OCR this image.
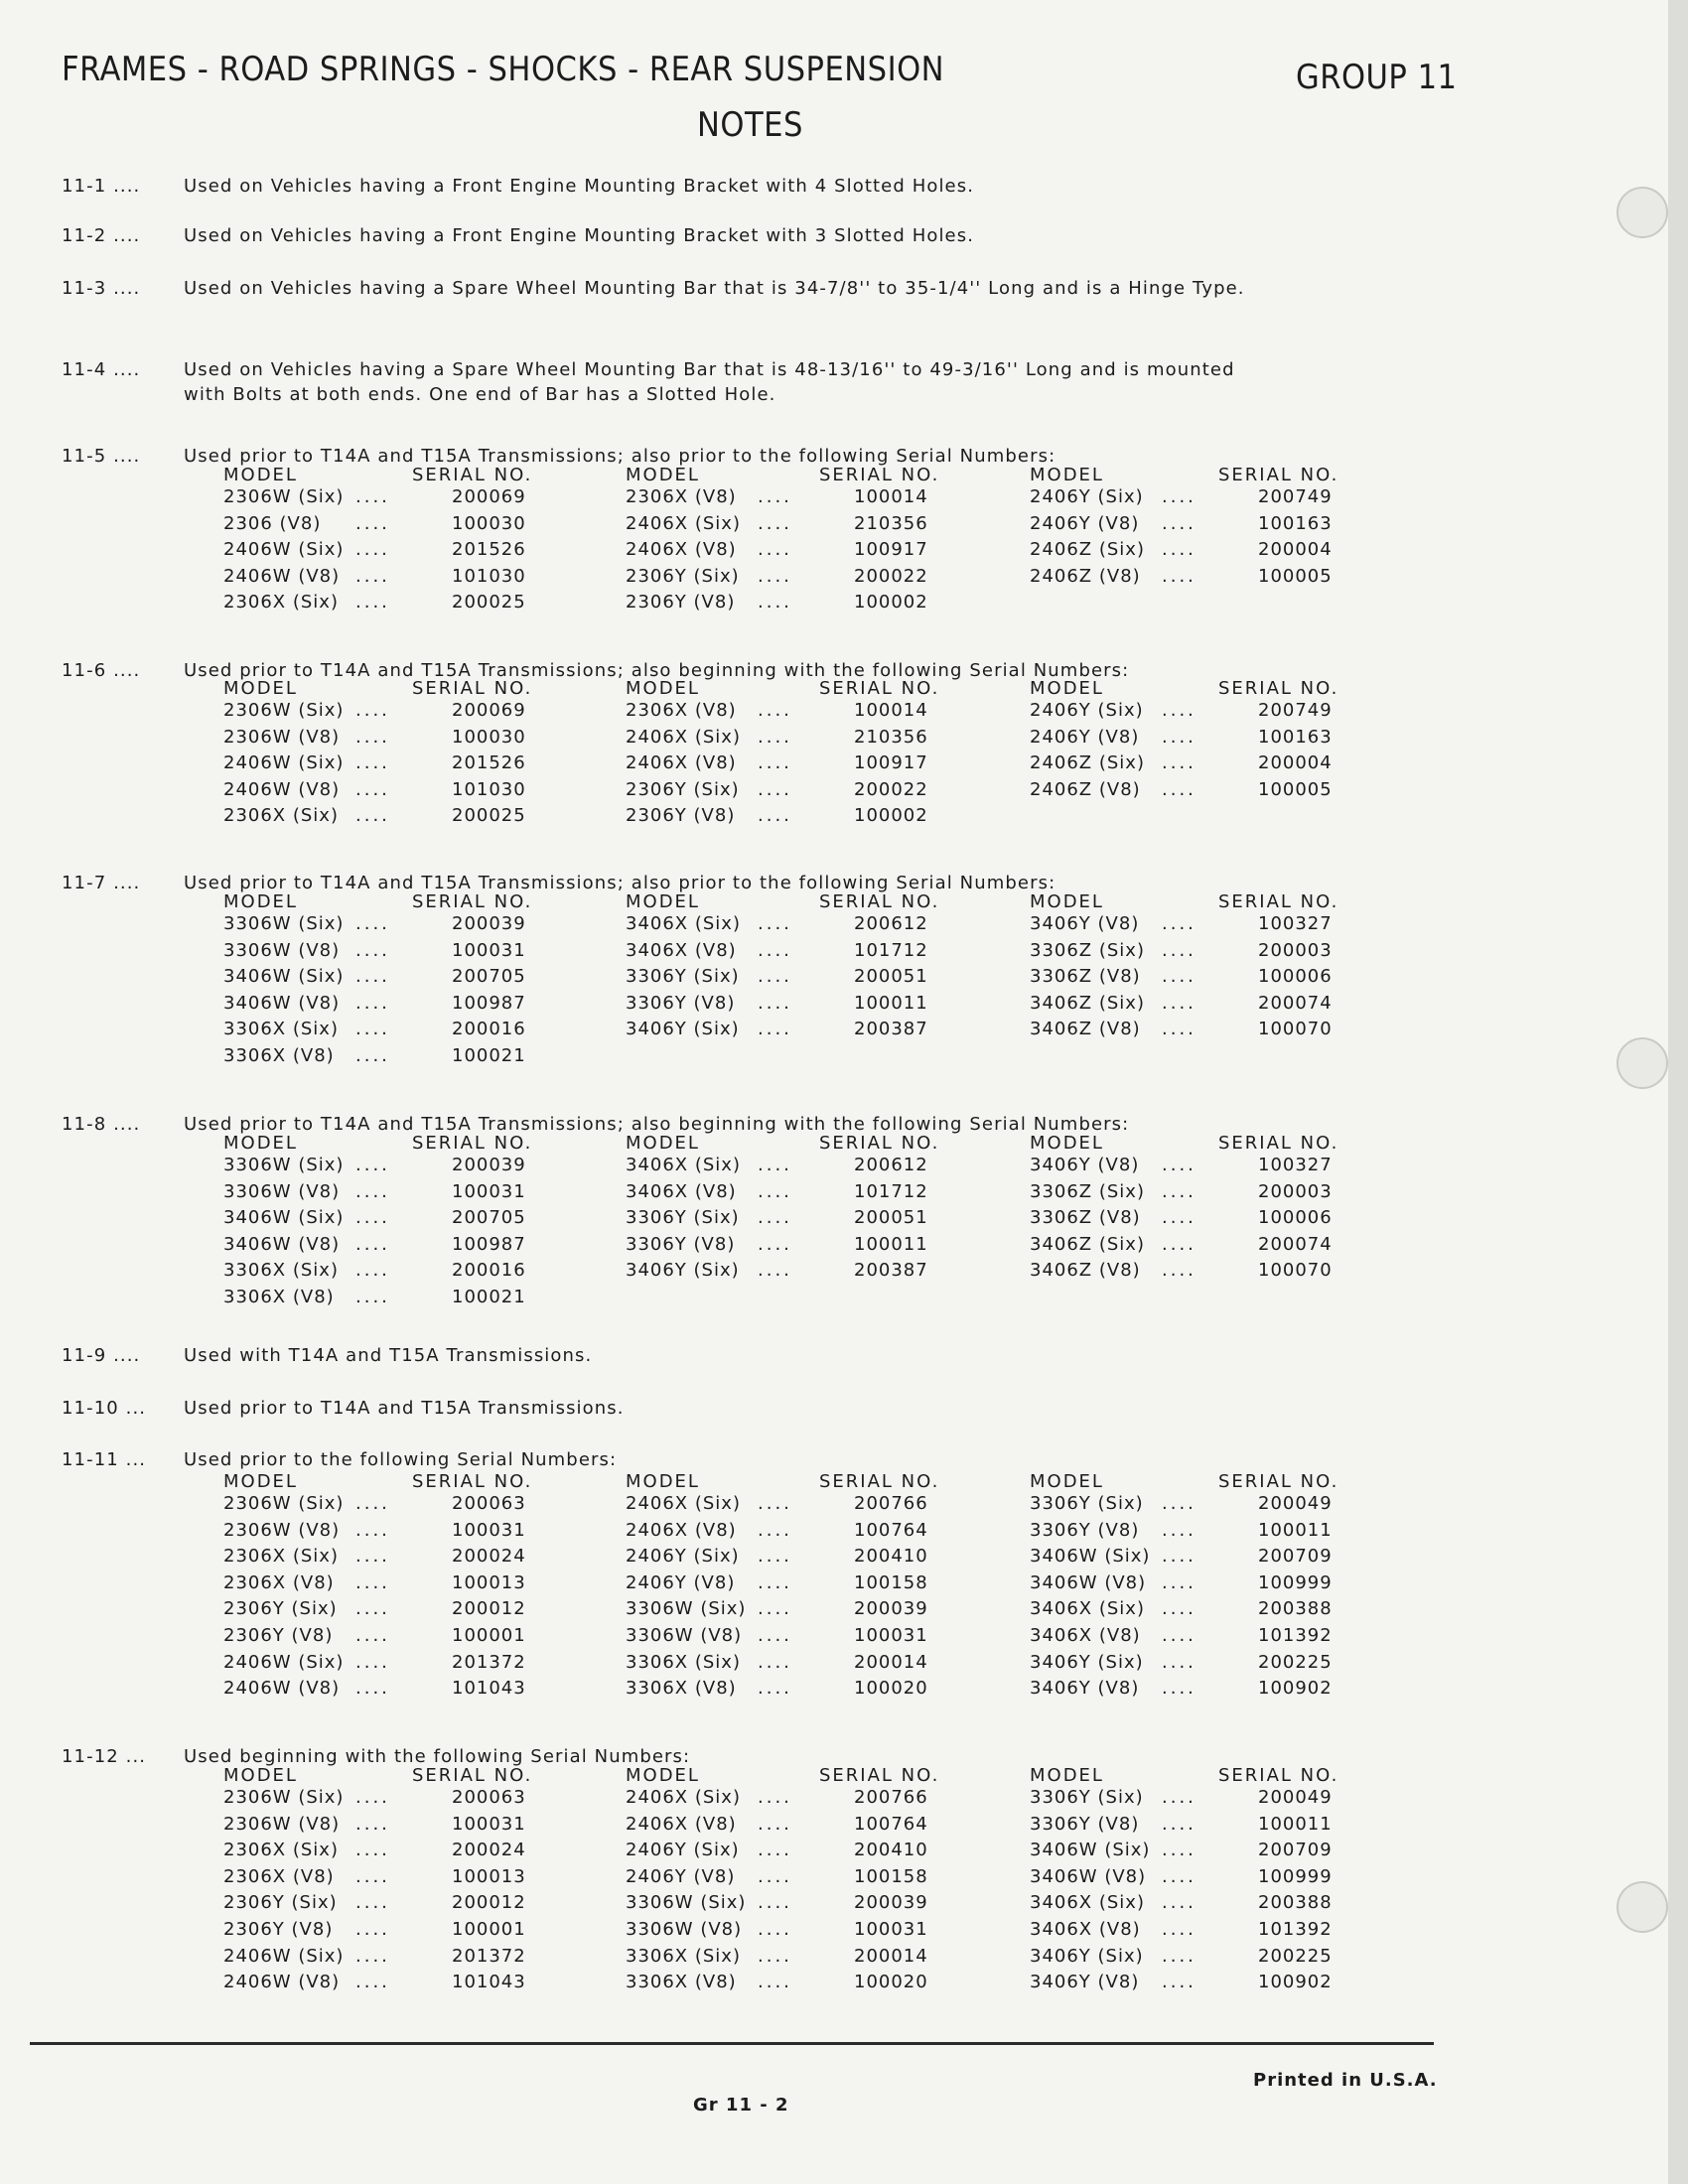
FRAMES - ROAD SPRINGS - SHOCKS - REAR SUSPENSION	GROUP 11
NOTES
11-1 .... Used on Vehicles having a Front Engine Mounting Bracket with 4 Slotted Holes.
11-2 .... Used on Vehicles having a Front Engine Mounting Bracket with 3 Slotted Holes.
11-3 .... Used on Vehicles having a Spare Wheel Mounting Bar that is 34-7/8'' to 35-1/4'' Long and is a Hinge Type.
11-4 .... Used on Vehicles having a Spare Wheel Mounting Bar that is 48-13/16'' to 49-3/16'' Long and is mounted with Bolts at both ends. One end of Bar has a Slotted Hole.
11-5 .... Used prior to T14A and T15A Transmissions; also prior to the following Serial Numbers:
MODEL	SERIAL NO.
2306W (Six) ....	200069
2306 (V8) ....	100030
2406W (Six) ....	201526
2406W (V8) ....	101030
2306X (Six) ....	200025
MODEL	SERIAL NO.
2306X (V8) ....	100014
2406X (Six) ....	210356
2406X (V8) ....	100917
2306Y (Six) ....	200022
2306Y (V8) ....	100002
MODEL	SERIAL NO.
2406Y (Six) ....	200749
2406Y (V8) ....	100163
2406Z (Six) ....	200004
2406Z (V8) ....	100005
11-6 .... Used prior to T14A and T15A Transmissions; also beginning with the following Serial Numbers:
MODEL	SERIAL NO.
2306W (Six) ....	200069
2306W (V8) ....	100030
2406W (Six) ....	201526
2406W (V8) ....	101030
2306X (Six) ....	200025
MODEL	SERIAL NO.
2306X (V8) ....	100014
2406X (Six) ....	210356
2406X (V8) ....	100917
2306Y (Six) ....	200022
2306Y (V8) ....	100002
MODEL	SERIAL NO.
2406Y (Six) ....	200749
2406Y (V8) ....	100163
2406Z (Six) ....	200004
2406Z (V8) ....	100005
11-7 .... Used prior to T14A and T15A Transmissions; also prior to the following Serial Numbers:
MODEL	SERIAL NO.
3306W (Six) ....	200039
3306W (V8) ....	100031
3406W (Six) ....	200705
3406W (V8) ....	100987
3306X (Six) ....	200016
3306X (V8) ....	100021
MODEL	SERIAL NO.
3406X (Six) ....	200612
3406X (V8) ....	101712
3306Y (Six) ....	200051
3306Y (V8) ....	100011
3406Y (Six) ....	200387
MODEL	SERIAL NO.
3406Y (V8) ....	100327
3306Z (Six) ....	200003
3306Z (V8) ....	100006
3406Z (Six) ....	200074
3406Z (V8) ....	100070
11-8 .... Used prior to T14A and T15A Transmissions; also beginning with the following Serial Numbers:
MODEL	SERIAL NO.
3306W (Six) ....	200039
3306W (V8) ....	100031
3406W (Six) ....	200705
3406W (V8) ....	100987
3306X (Six) ....	200016
3306X (V8) ....	100021
MODEL	SERIAL NO.
3406X (Six) ....	200612
3406X (V8) ....	101712
3306Y (Six) ....	200051
3306Y (V8) ....	100011
3406Y (Six) ....	200387
MODEL	SERIAL NO.
3406Y (V8) ....	100327
3306Z (Six) ....	200003
3306Z (V8) ....	100006
3406Z (Six) ....	200074
3406Z (V8) ....	100070
11-9 .... Used with T14A and T15A Transmissions.
11-10 ... Used prior to T14A and T15A Transmissions.
11-11 ... Used prior to the following Serial Numbers:
MODEL	SERIAL NO.
2306W (Six) ....	200063
2306W (V8) ....	100031
2306X (Six) ....	200024
2306X (V8) ....	100013
2306Y (Six) ....	200012
2306Y (V8) ....	100001
2406W (Six) ....	201372
2406W (V8) ....	101043
MODEL	SERIAL NO.
2406X (Six) ....	200766
2406X (V8) ....	100764
2406Y (Six) ....	200410
2406Y (V8) ....	100158
3306W (Six) ....	200039
3306W (V8) ....	100031
3306X (Six) ....	200014
3306X (V8) ....	100020
MODEL	SERIAL NO.
3306Y (Six) ....	200049
3306Y (V8) ....	100011
3406W (Six) ....	200709
3406W (V8) ....	100999
3406X (Six) ....	200388
3406X (V8) ....	101392
3406Y (Six) ....	200225
3406Y (V8) ....	100902
11-12 ... Used beginning with the following Serial Numbers:
MODEL	SERIAL NO.
2306W (Six) ....	200063
2306W (V8) ....	100031
2306X (Six) ....	200024
2306X (V8) ....	100013
2306Y (Six) ....	200012
2306Y (V8) ....	100001
2406W (Six) ....	201372
2406W (V8) ....	101043
MODEL	SERIAL NO.
2406X (Six) ....	200766
2406X (V8) ....	100764
2406Y (Six) ....	200410
2406Y (V8) ....	100158
3306W (Six) ....	200039
3306W (V8) ....	100031
3306X (Six) ....	200014
3306X (V8) ....	100020
MODEL	SERIAL NO.
3306Y (Six) ....	200049
3306Y (V8) ....	100011
3406W (Six) ....	200709
3406W (V8) ....	100999
3406X (Six) ....	200388
3406X (V8) ....	101392
3406Y (Six) ....	200225
3406Y (V8) ....	100902
Printed in U.S.A.
Gr 11 - 2
